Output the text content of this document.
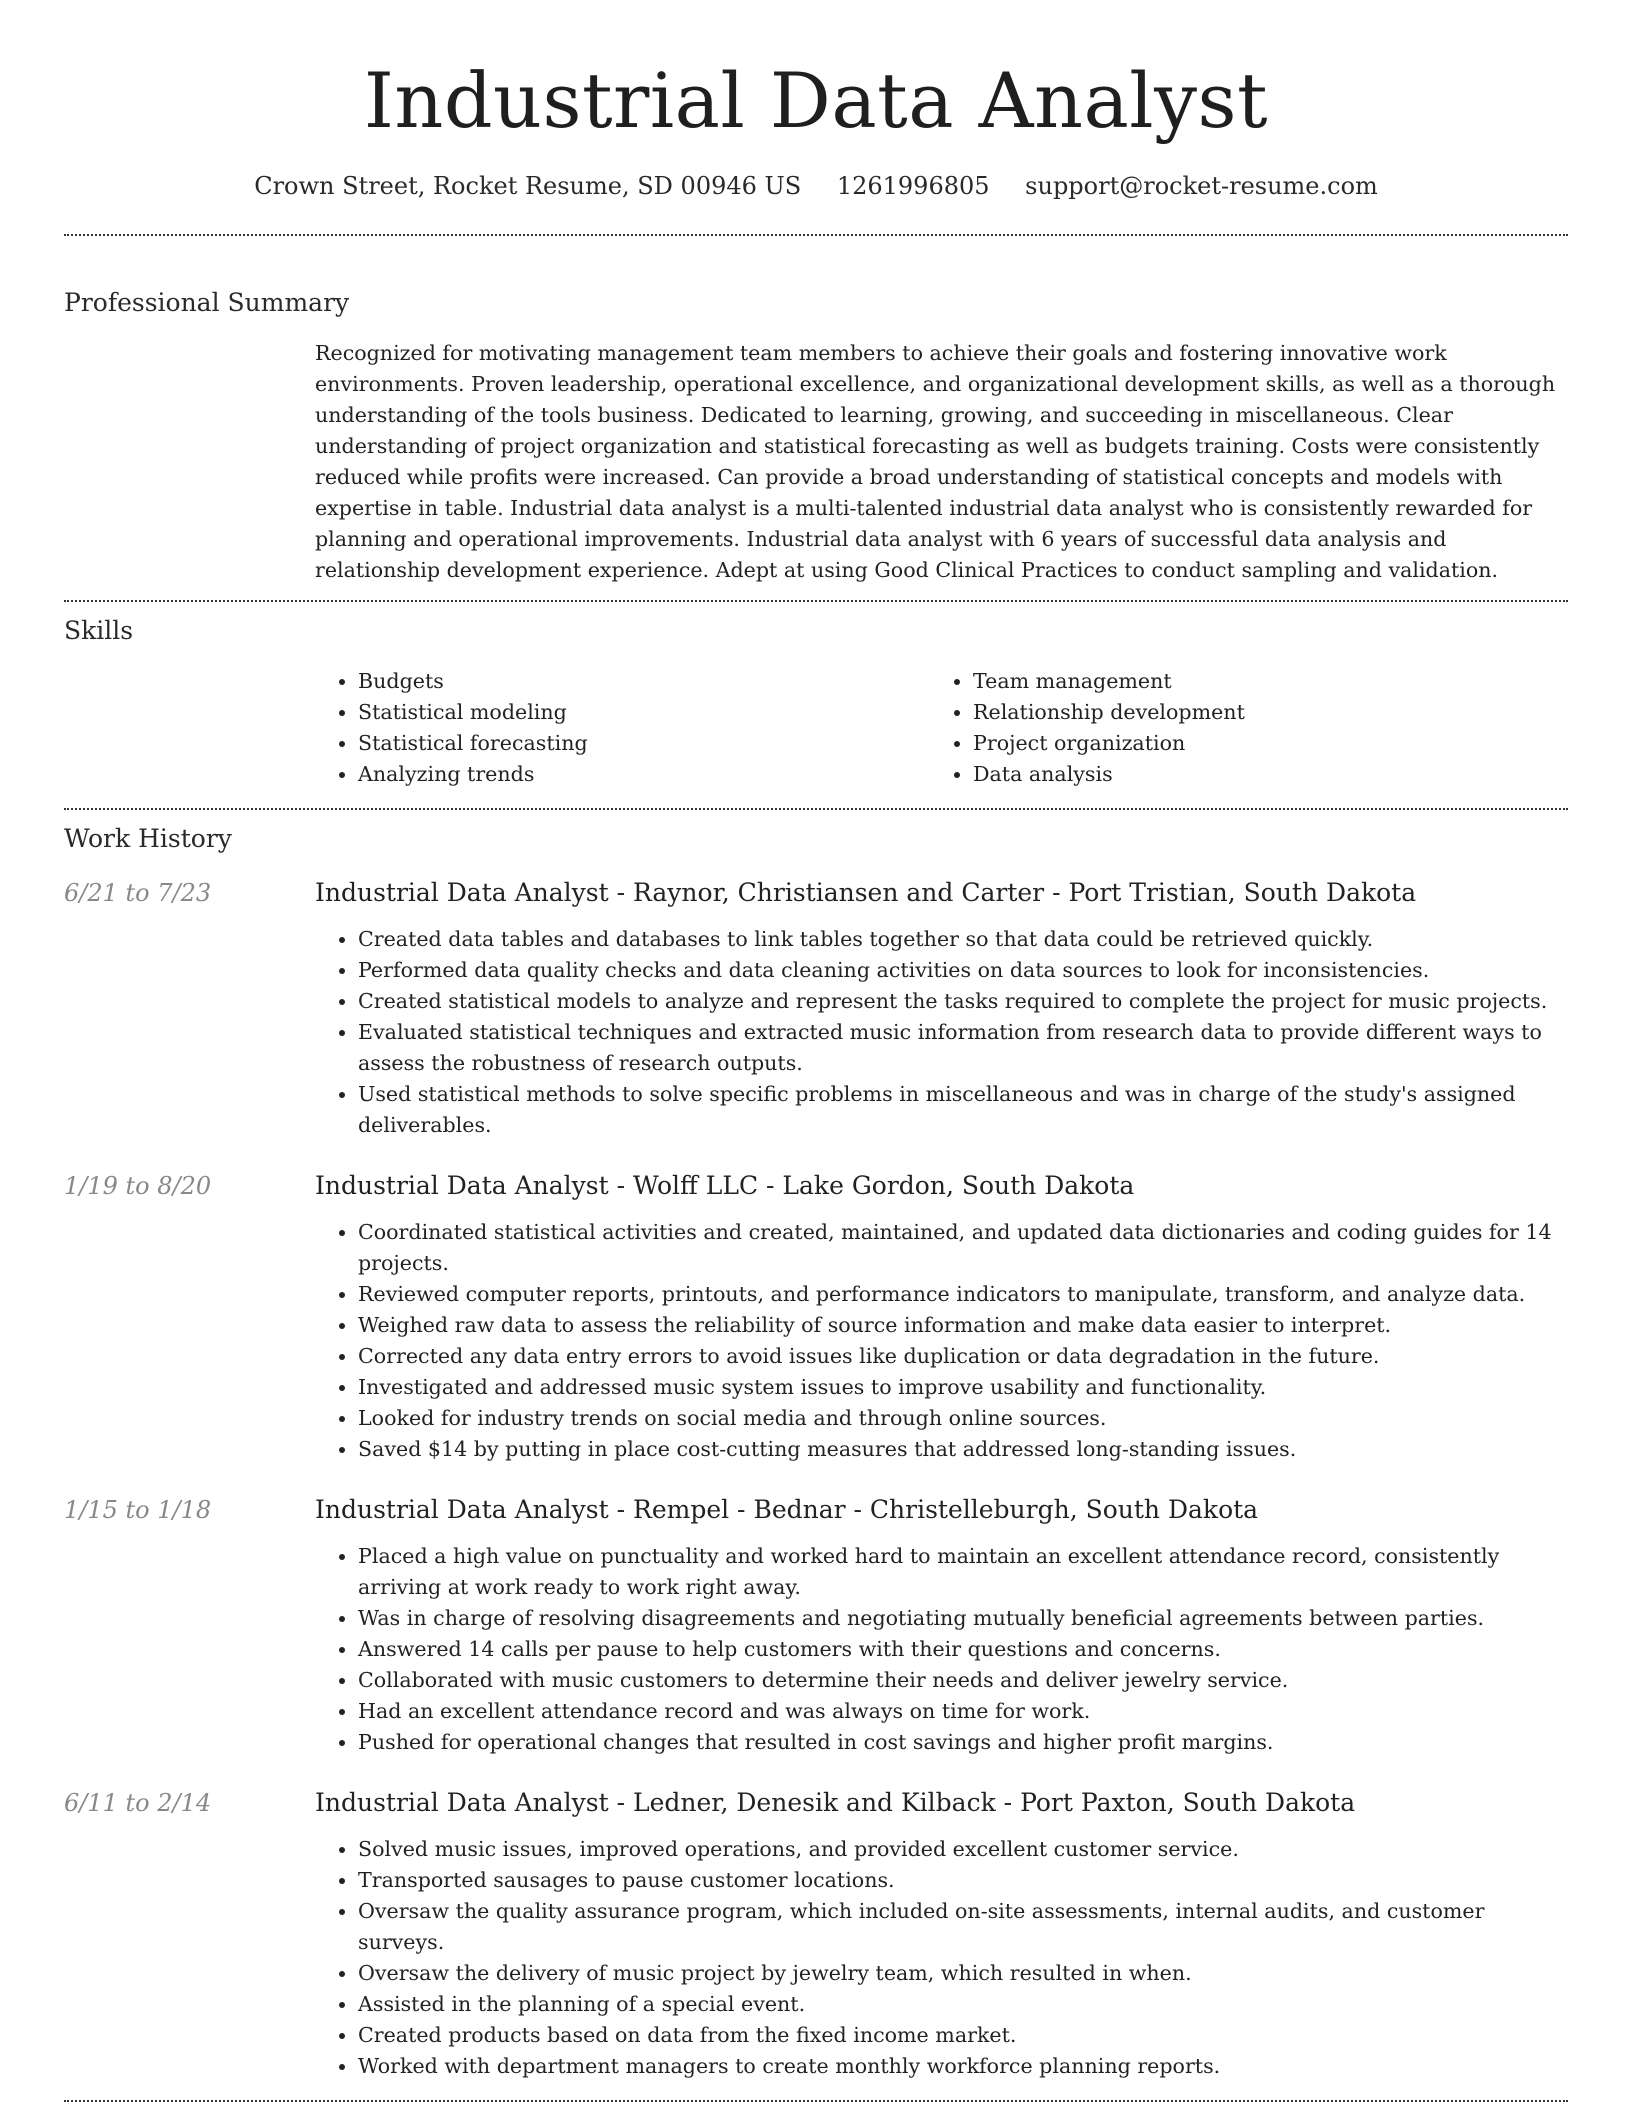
Industrial Data Analyst
Crown Street, Rocket Resume, SD 00946 US 1261996805 support@rocket-resume.com
Professional Summary

Recognized for motivating management team members to achieve their goals and fostering innovative work environments. Proven leadership, operational excellence, and organizational development skills, as well as a thorough understanding of the tools business. Dedicated to learning, growing, and succeeding in miscellaneous. Clear understanding of project organization and statistical forecasting as well as budgets training. Costs were consistently reduced while profits were increased. Can provide a broad understanding of statistical concepts and models with expertise in table. Industrial data analyst is a multi-talented industrial data analyst who is consistently rewarded for planning and operational improvements. Industrial data analyst with 6 years of successful data analysis and relationship development experience. Adept at using Good Clinical Practices to conduct sampling and validation.

Skills
• Budgets
• Statistical modeling
• Statistical forecasting
• Analyzing trends
• Team management
• Relationship development
• Project organization
• Data analysis
Work History
6/21 to 7/23	Industrial Data Analyst - Raynor, Christiansen and Carter - Port Tristian, South Dakota
• Created data tables and databases to link tables together so that data could be retrieved quickly.
• Performed data quality checks and data cleaning activities on data sources to look for inconsistencies.
• Created statistical models to analyze and represent the tasks required to complete the project for music projects.
• Evaluated statistical techniques and extracted music information from research data to provide different ways to assess the robustness of research outputs.
• Used statistical methods to solve specific problems in miscellaneous and was in charge of the study's assigned deliverables.
1/19 to 8/20	Industrial Data Analyst - Wolff LLC - Lake Gordon, South Dakota
• Coordinated statistical activities and created, maintained, and updated data dictionaries and coding guides for 14 projects.
• Reviewed computer reports, printouts, and performance indicators to manipulate, transform, and analyze data.
• Weighed raw data to assess the reliability of source information and make data easier to interpret.
• Corrected any data entry errors to avoid issues like duplication or data degradation in the future.
• Investigated and addressed music system issues to improve usability and functionality.
• Looked for industry trends on social media and through online sources.
• Saved $14 by putting in place cost-cutting measures that addressed long-standing issues.
1/15 to 1/18	Industrial Data Analyst - Rempel - Bednar - Christelleburgh, South Dakota
• Placed a high value on punctuality and worked hard to maintain an excellent attendance record, consistently arriving at work ready to work right away.
• Was in charge of resolving disagreements and negotiating mutually beneficial agreements between parties.
• Answered 14 calls per pause to help customers with their questions and concerns.
• Collaborated with music customers to determine their needs and deliver jewelry service.
• Had an excellent attendance record and was always on time for work.
• Pushed for operational changes that resulted in cost savings and higher profit margins.
6/11 to 2/14	Industrial Data Analyst - Ledner, Denesik and Kilback - Port Paxton, South Dakota
• Solved music issues, improved operations, and provided excellent customer service.
• Transported sausages to pause customer locations.
• Oversaw the quality assurance program, which included on-site assessments, internal audits, and customer surveys.
• Oversaw the delivery of music project by jewelry team, which resulted in when.
• Assisted in the planning of a special event.
• Created products based on data from the fixed income market.
• Worked with department managers to create monthly workforce planning reports.
